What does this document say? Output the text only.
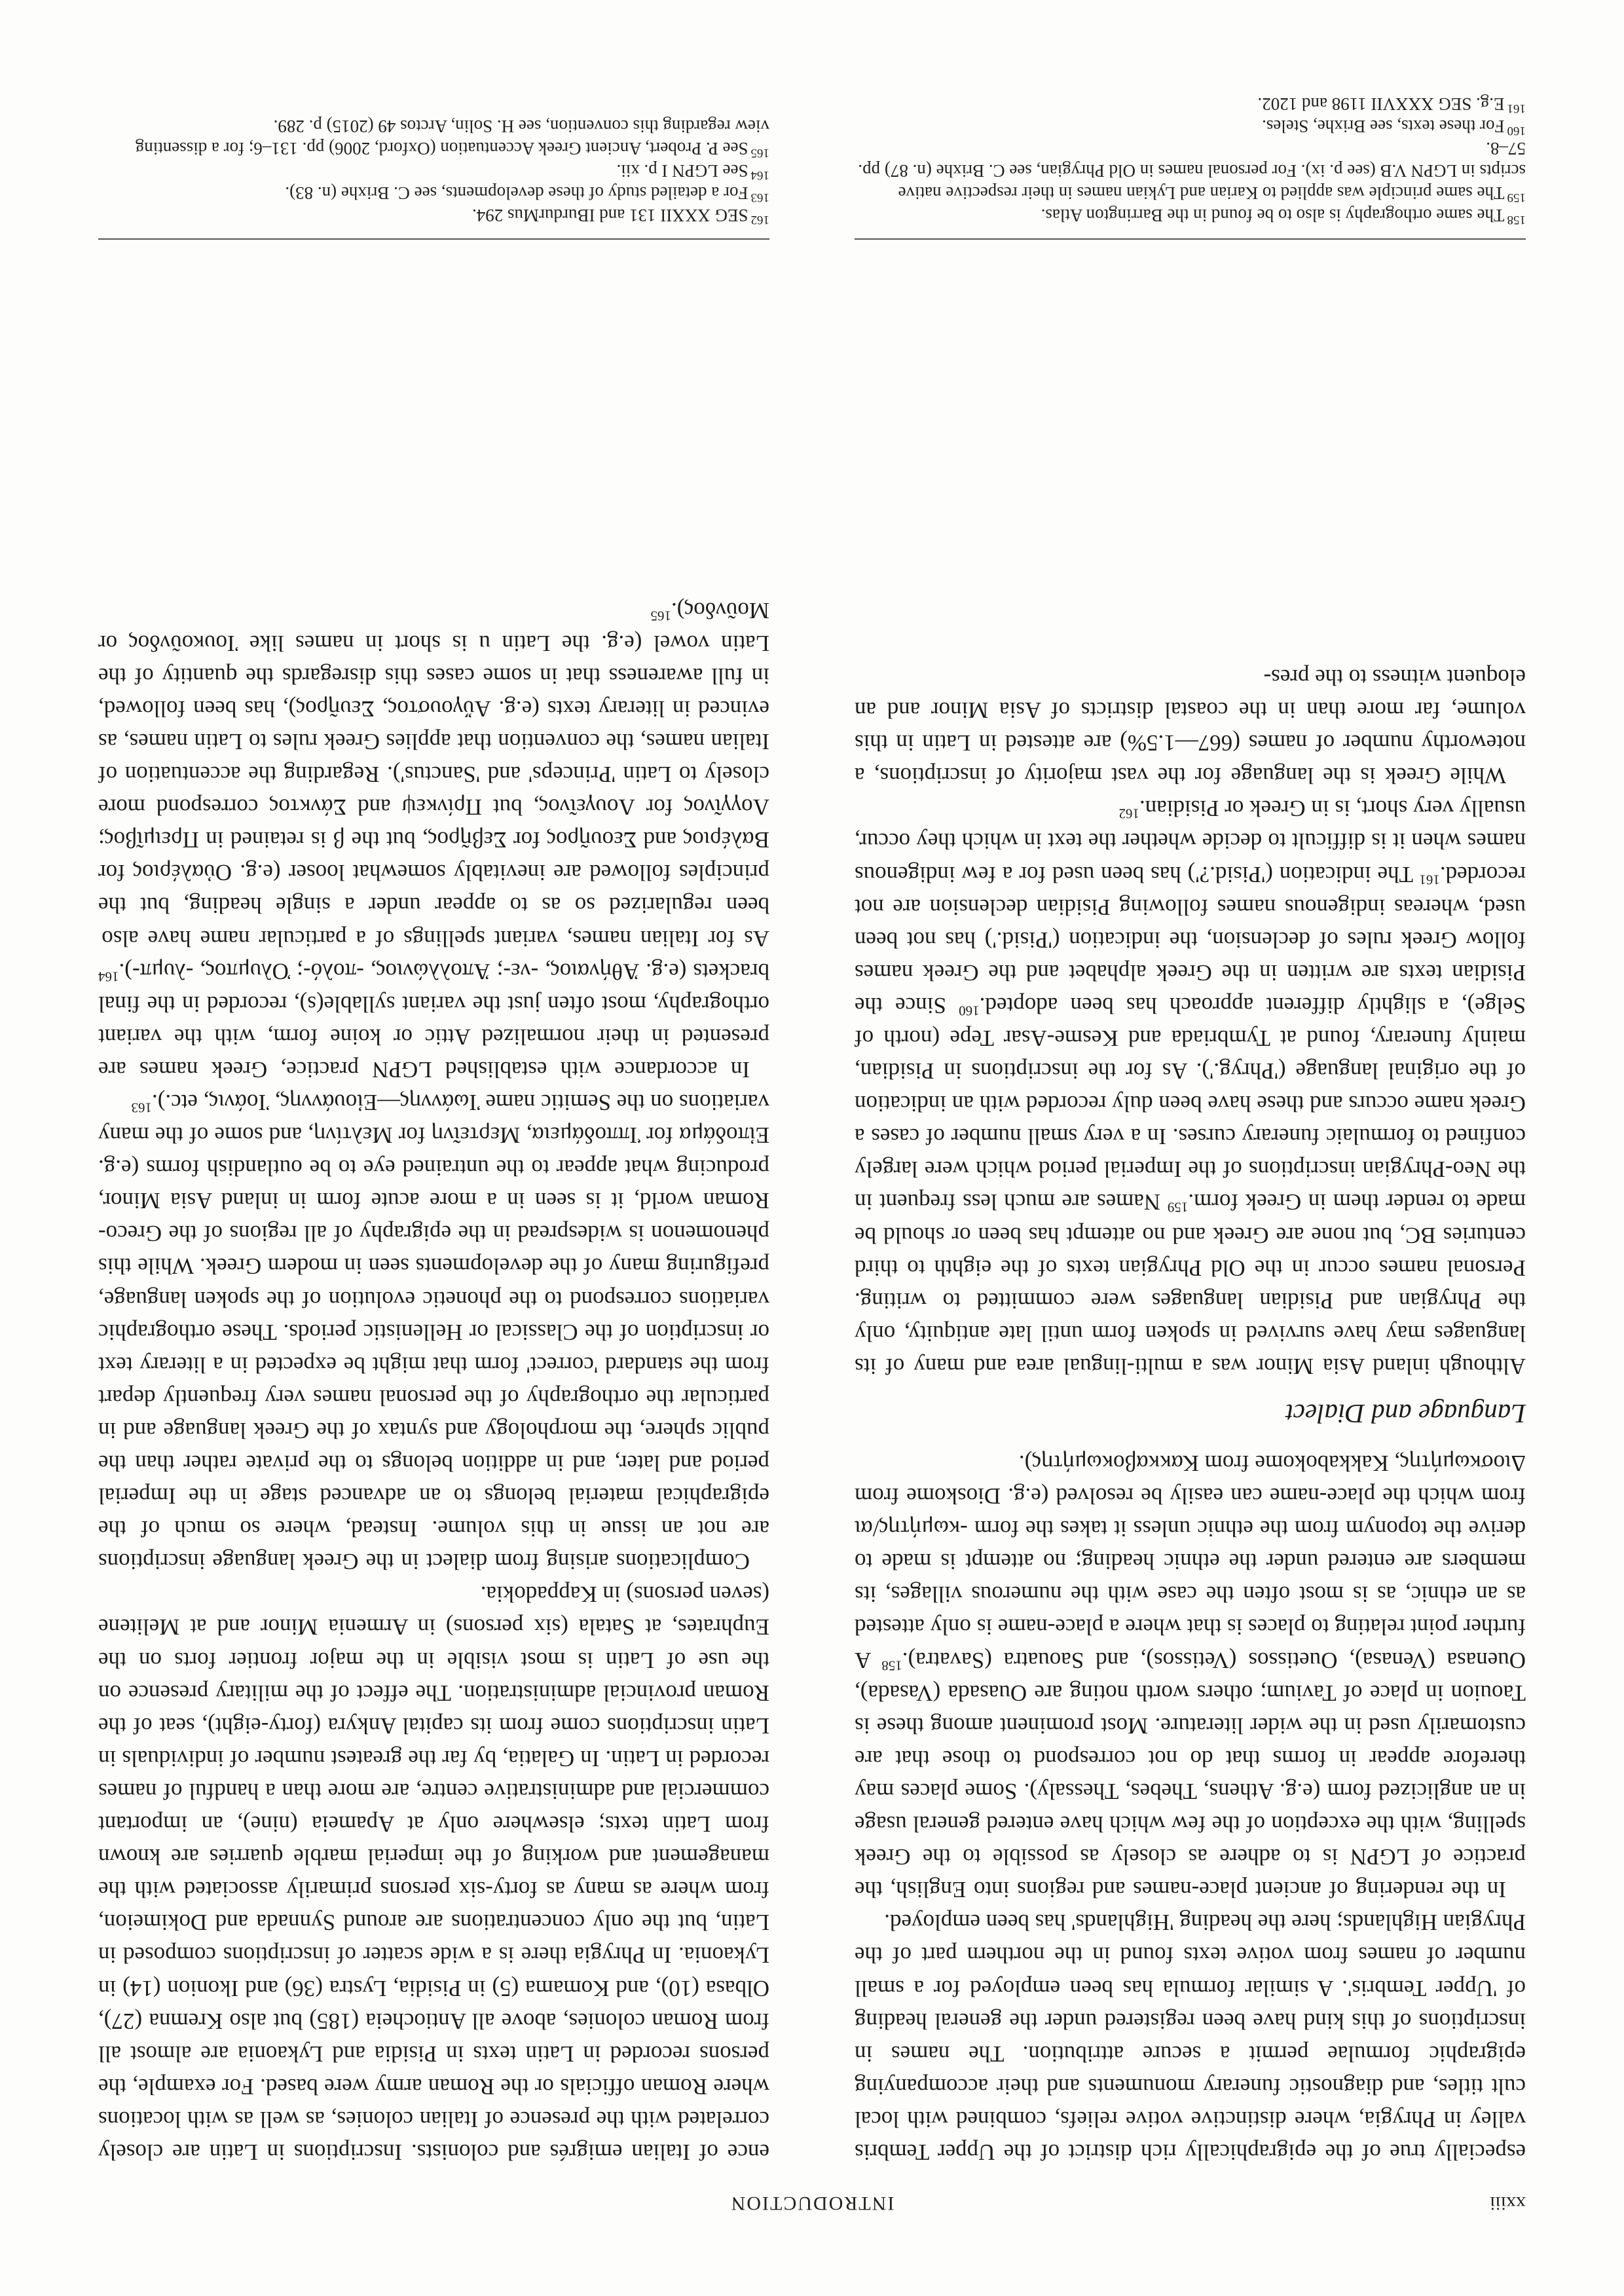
INTRODUCTION	xxiii

especially true of the epigraphically rich district of the Upper Tembris valley in Phrygia, where distinctive votive reliefs, combined with local cult titles, and diagnostic funerary monuments and their accompanying epigraphic formulae permit a secure attribution. The names in inscriptions of this kind have been registered under the general heading of 'Upper Tembris'. A similar formula has been employed for a small number of names from votive texts found in the northern part of the Phrygian Highlands; here the heading 'Highlands' has been employed.

In the rendering of ancient place-names and regions into English, the practice of LGPN is to adhere as closely as possible to the Greek spelling, with the exception of the few which have entered general usage in an anglicized form (e.g. Athens, Thebes, Thessaly). Some places may therefore appear in forms that do not correspond to those that are customarily used in the wider literature. Most prominent among these is Taouion in place of Tavium; others worth noting are Ouasada (Vasada), Ouenasa (Venasa), Ouetissos (Vetissos), and Saouatra (Savatra).$^{158}$ A further point relating to places is that where a place-name is only attested as an ethnic, as is most often the case with the numerous villages, its members are entered under the ethnic heading; no attempt is made to derive the toponym from the ethnic unless it takes the form -κωμήτης/αι from which the place-name can easily be resolved (e.g. Dioskome from Διοσκωμήτης, Kakkabokome from Κακκαβοκωμήτης).

Language and Dialect

Although inland Asia Minor was a multi-lingual area and many of its languages may have survived in spoken form until late antiquity, only the Phrygian and Pisidian languages were committed to writing. Personal names occur in the Old Phrygian texts of the eighth to third centuries BC, but none are Greek and no attempt has been or should be made to render them in Greek form.$^{159}$ Names are much less frequent in the Neo-Phrygian inscriptions of the Imperial period which were largely confined to formulaic funerary curses. In a very small number of cases a Greek name occurs and these have been duly recorded with an indication of the original language ('Phryg.'). As for the inscriptions in Pisidian, mainly funerary, found at Tymbriada and Kesme-Asar Tepe (north of Selge), a slightly different approach has been adopted.$^{160}$ Since the Pisidian texts are written in the Greek alphabet and the Greek names follow Greek rules of declension, the indication ('Pisid.') has not been used, whereas indigenous names following Pisidian declension are not recorded.$^{161}$ The indication ('Pisid.?') has been used for a few indigenous names when it is difficult to decide whether the text in which they occur, usually very short, is in Greek or Pisidian.$^{162}$

While Greek is the language for the vast majority of inscriptions, a noteworthy number of names (667—1.5%) are attested in Latin in this volume, far more than in the coastal districts of Asia Minor and an eloquent witness to the pres-

ence of Italian emigrés and colonists. Inscriptions in Latin are closely correlated with the presence of Italian colonies, as well as with locations where Roman officials or the Roman army were based. For example, the persons recorded in Latin texts in Pisidia and Lykaonia are almost all from Roman colonies, above all Antiocheia (185) but also Kremna (27), Olbasa (10), and Komama (5) in Pisidia, Lystra (36) and Ikonion (14) in Lykaonia. In Phrygia there is a wide scatter of inscriptions composed in Latin, but the only concentrations are around Synnada and Dokimeion, from where as many as forty-six persons primarily associated with the management and working of the imperial marble quarries are known from Latin texts; elsewhere only at Apameia (nine), an important commercial and administrative centre, are more than a handful of names recorded in Latin. In Galatia, by far the greatest number of individuals in Latin inscriptions come from its capital Ankyra (forty-eight), seat of the Roman provincial administration. The effect of the military presence on the use of Latin is most visible in the major frontier forts on the Euphrates, at Satala (six persons) in Armenia Minor and at Melitene (seven persons) in Kappadokia.

Complications arising from dialect in the Greek language inscriptions are not an issue in this volume. Instead, where so much of the epigraphical material belongs to an advanced stage in the Imperial period and later, and in addition belongs to the private rather than the public sphere, the morphology and syntax of the Greek language and in particular the orthography of the personal names very frequently depart from the standard 'correct' form that might be expected in a literary text or inscription of the Classical or Hellenistic periods. These orthographic variations correspond to the phonetic evolution of the spoken language, prefiguring many of the developments seen in modern Greek. While this phenomenon is widespread in the epigraphy of all regions of the Greco-Roman world, it is seen in a more acute form in inland Asia Minor, producing what appear to the untrained eye to be outlandish forms (e.g. Εἰποδάμα for Ἱπποδάμεια, Μερτεῖνη for Μελτίνη, and some of the many variations on the Semitic name Ἰωάννης—Εἰουάννης, Ἰοάνις, etc.).$^{163}$

In accordance with established LGPN practice, Greek names are presented in their normalized Attic or koine form, with the variant orthography, most often just the variant syllable(s), recorded in the final brackets (e.g. Ἀθήναιος, -νε-; Ἀπολλώνιος, -πολό-; Ὀλυμπος, -λυμπ-).$^{164}$ As for Italian names, variant spellings of a particular name have also been regularized so as to appear under a single heading, but the principles followed are inevitably somewhat looser (e.g. Οὐαλέριος for Βαλέριος and Σεουῆρος for Σεβῆρος, but the β is retained in Πρειμῖβος; Λογγῖνος for Λουγεῖνος, but Πρίνκεψ and Σάνκτος correspond more closely to Latin 'Princeps' and 'Sanctus'). Regarding the accentuation of Italian names, the convention that applies Greek rules to Latin names, as evinced in literary texts (e.g. Αὔγουστος, Σευῆρος), has been followed, in full awareness that in some cases this disregards the quantity of the Latin vowel (e.g. the Latin u is short in names like Ἰουκοῦνδος or Μοῦνδος).$^{165}$

$^{158}$The same orthography is also to be found in the Barrington Atlas.

$^{159}$The same principle was applied to Karian and Lykian names in their respective native scripts in LGPN V.B (see p. ix). For personal names in Old Phrygian, see C. Brixhe (n. 87) pp. 57–8.

$^{160}$For these texts, see Brixhe, Steles.

$^{161}$E.g. SEG XXXVII 1198 and 1202.

$^{162}$SEG XXXII 131 and IBurdurMus 294.

$^{163}$For a detailed study of these developments, see C. Brixhe (n. 83).

$^{164}$See LGPN I p. xii.

$^{165}$See P. Probert, Ancient Greek Accentuation (Oxford, 2006) pp. 131–6; for a dissenting view regarding this convention, see H. Solin, Arctos 49 (2015) p. 289.
